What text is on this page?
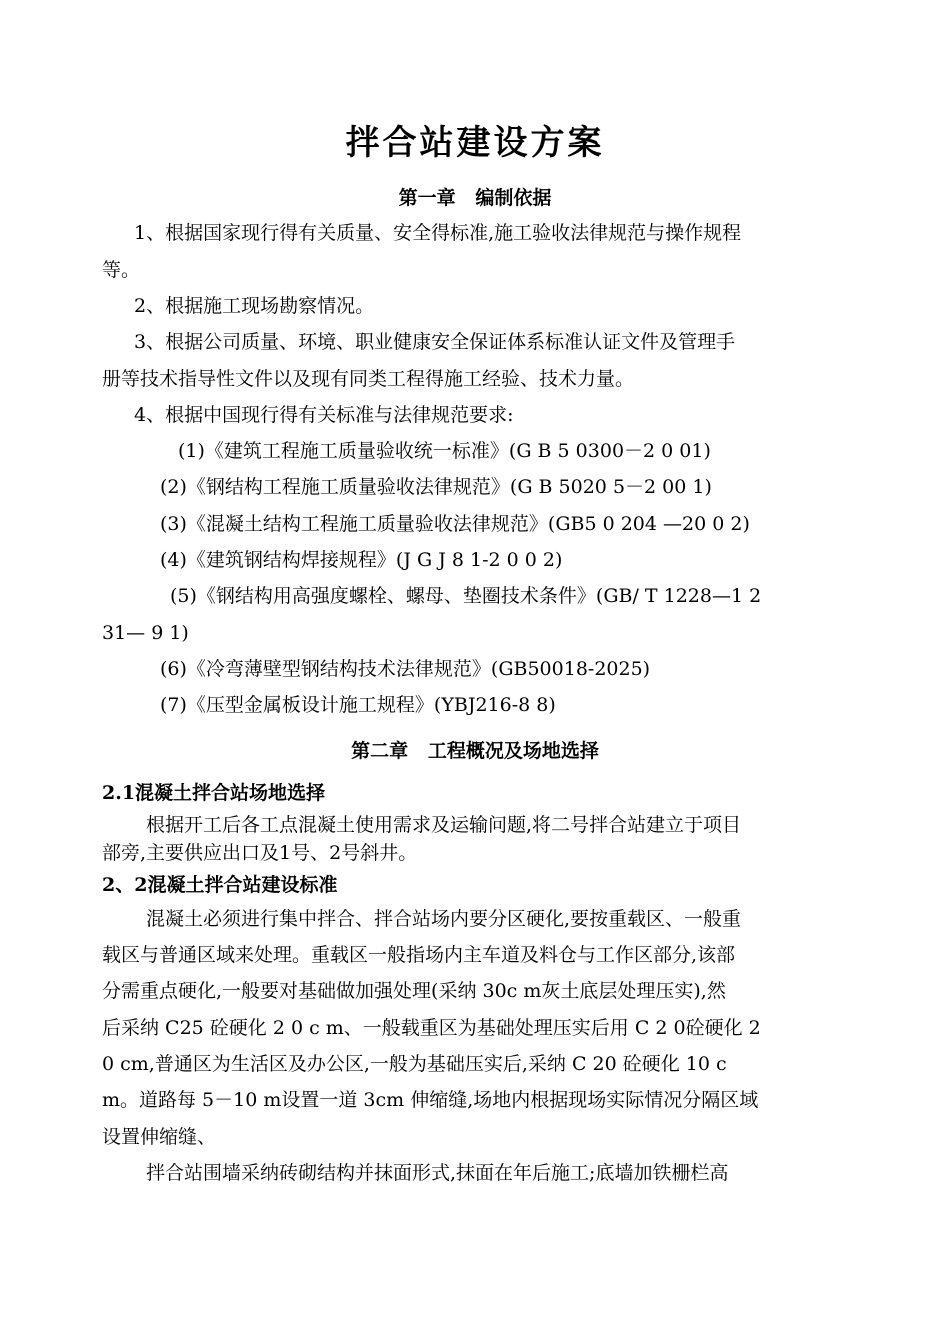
拌合站建设方案
第一章   编制依据
1、根据国家现行得有关质量、安全得标准,施工验收法律规范与操作规程
等。
2、根据施工现场勘察情况。
3、根据公司质量、环境、职业健康安全保证体系标准认证文件及管理手
册等技术指导性文件以及现有同类工程得施工经验、技术力量。
4、根据中国现行得有关标准与法律规范要求:
(1)《建筑工程施工质量验收统一标准》(G B 5 0300－2 0 01)
(2)《钢结构工程施工质量验收法律规范》(G B 5020 5－2 00 1)
(3)《混凝土结构工程施工质量验收法律规范》(GB5 0 204 —20 0 2)
(4)《建筑钢结构焊接规程》(J G J 8 1-2 0 0 2)
(5)《钢结构用高强度螺栓、螺母、垫圈技术条件》(GB/ T 1228—1 2
31— 9 1)
(6)《冷弯薄壁型钢结构技术法律规范》(GB50018-2025)
(7)《压型金属板设计施工规程》(YBJ216-8 8)
第二章   工程概况及场地选择
2.1混凝土拌合站场地选择
根据开工后各工点混凝土使用需求及运输问题,将二号拌合站建立于项目
部旁,主要供应出口及1号、2号斜井。
2、2混凝土拌合站建设标准
混凝土必须进行集中拌合、拌合站场内要分区硬化,要按重载区、一般重
载区与普通区域来处理。重载区一般指场内主车道及料仓与工作区部分,该部
分需重点硬化,一般要对基础做加强处理(采纳 30c m灰土底层处理压实),然
后采纳 C25 砼硬化 2 0 c m、一般载重区为基础处理压实后用 C 2 0砼硬化 2
0 cm,普通区为生活区及办公区,一般为基础压实后,采纳 C 20 砼硬化 10 c
m。道路每 5－10 m设置一道 3cm 伸缩缝,场地内根据现场实际情况分隔区域
设置伸缩缝、
拌合站围墙采纳砖砌结构并抹面形式,抹面在年后施工;底墙加铁栅栏高
